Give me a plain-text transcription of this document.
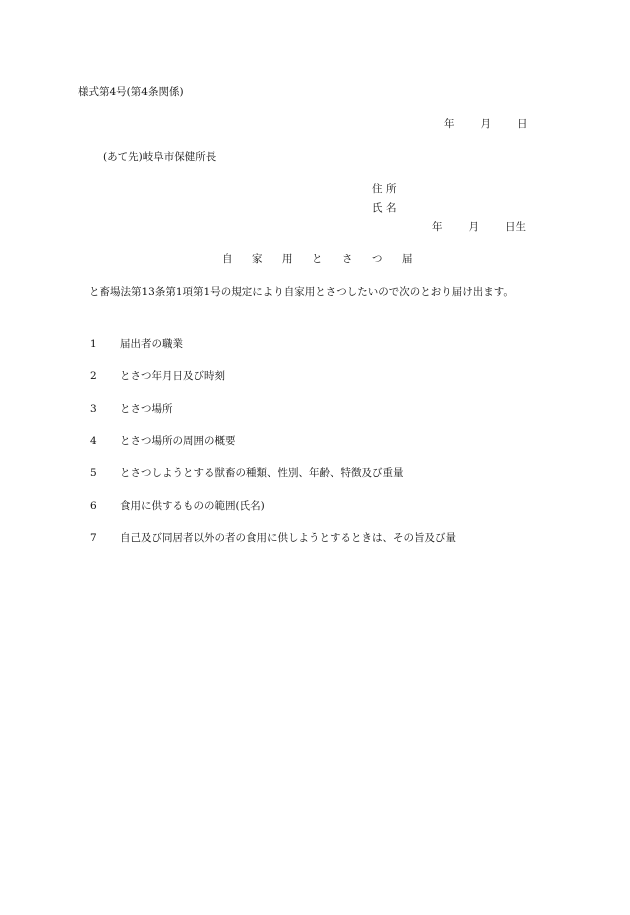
様式第4号(第4条関係)
年 月 日
(あて先)岐阜市保健所長
住 所
氏 名
年 月 日生
自 家 用 と さ つ 届
と畜場法第13条第1項第1号の規定により自家用とさつしたいので次のとおり届け出ます。
1 届出者の職業
2 とさつ年月日及び時刻
3 とさつ場所
4 とさつ場所の周囲の概要
5 とさつしようとする獣畜の種類、性別、年齢、特徴及び重量
6 食用に供するものの範囲(氏名)
7 自己及び同居者以外の者の食用に供しようとするときは、その旨及び量
